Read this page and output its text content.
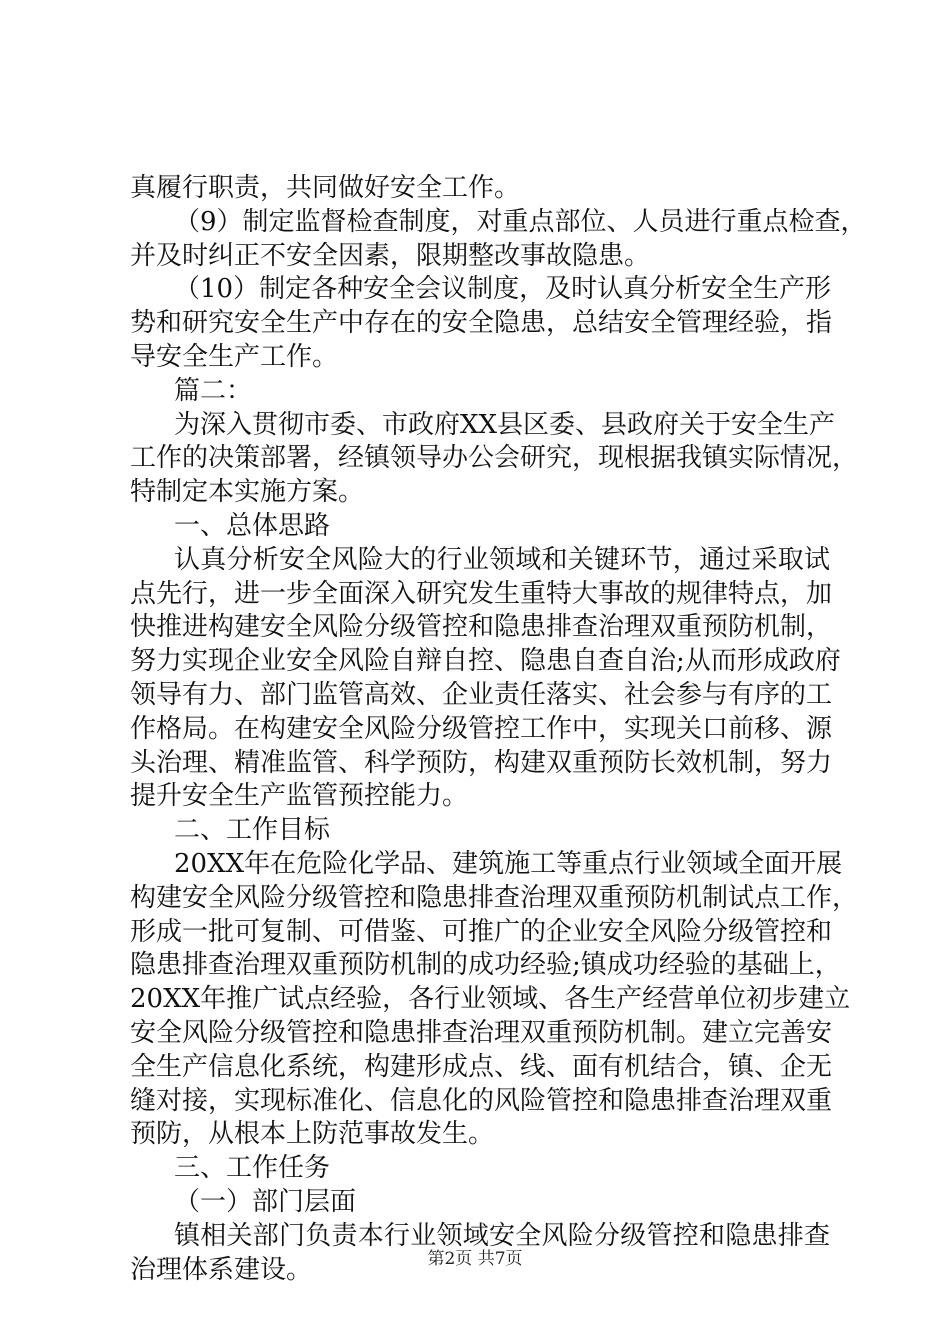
真履行职责，共同做好安全工作。
（9）制定监督检查制度，对重点部位、人员进行重点检查，
并及时纠正不安全因素，限期整改事故隐患。
（10）制定各种安全会议制度，及时认真分析安全生产形
势和研究安全生产中存在的安全隐患，总结安全管理经验，指
导安全生产工作。
篇二：
为深入贯彻市委、市政府XX县区委、县政府关于安全生产
工作的决策部署，经镇领导办公会研究，现根据我镇实际情况，
特制定本实施方案。
一、总体思路
认真分析安全风险大的行业领域和关键环节，通过采取试
点先行，进一步全面深入研究发生重特大事故的规律特点，加
快推进构建安全风险分级管控和隐患排查治理双重预防机制，
努力实现企业安全风险自辩自控、隐患自查自治;从而形成政府
领导有力、部门监管高效、企业责任落实、社会参与有序的工
作格局。在构建安全风险分级管控工作中，实现关口前移、源
头治理、精准监管、科学预防，构建双重预防长效机制，努力
提升安全生产监管预控能力。
二、工作目标
20XX年在危险化学品、建筑施工等重点行业领域全面开展
构建安全风险分级管控和隐患排查治理双重预防机制试点工作，
形成一批可复制、可借鉴、可推广的企业安全风险分级管控和
隐患排查治理双重预防机制的成功经验;镇成功经验的基础上，
20XX年推广试点经验，各行业领域、各生产经营单位初步建立
安全风险分级管控和隐患排查治理双重预防机制。建立完善安
全生产信息化系统，构建形成点、线、面有机结合，镇、企无
缝对接，实现标准化、信息化的风险管控和隐患排查治理双重
预防，从根本上防范事故发生。
三、工作任务
（一）部门层面
镇相关部门负责本行业领域安全风险分级管控和隐患排查
治理体系建设。	第2页 共7页
